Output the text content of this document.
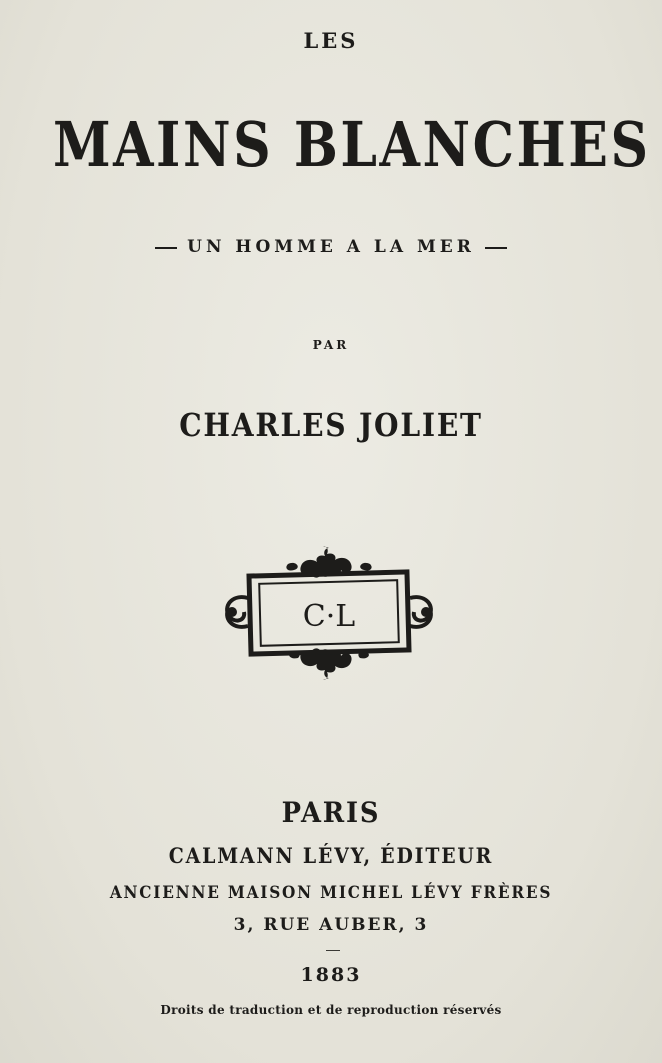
LES
MAINS BLANCHES
UN HOMME A LA MER
PAR
CHARLES JOLIET
C·L
PARIS
CALMANN LÉVY, ÉDITEUR
ANCIENNE MAISON MICHEL LÉVY FRÈRES
3, RUE AUBER, 3
1883
Droits de traduction et de reproduction réservés
